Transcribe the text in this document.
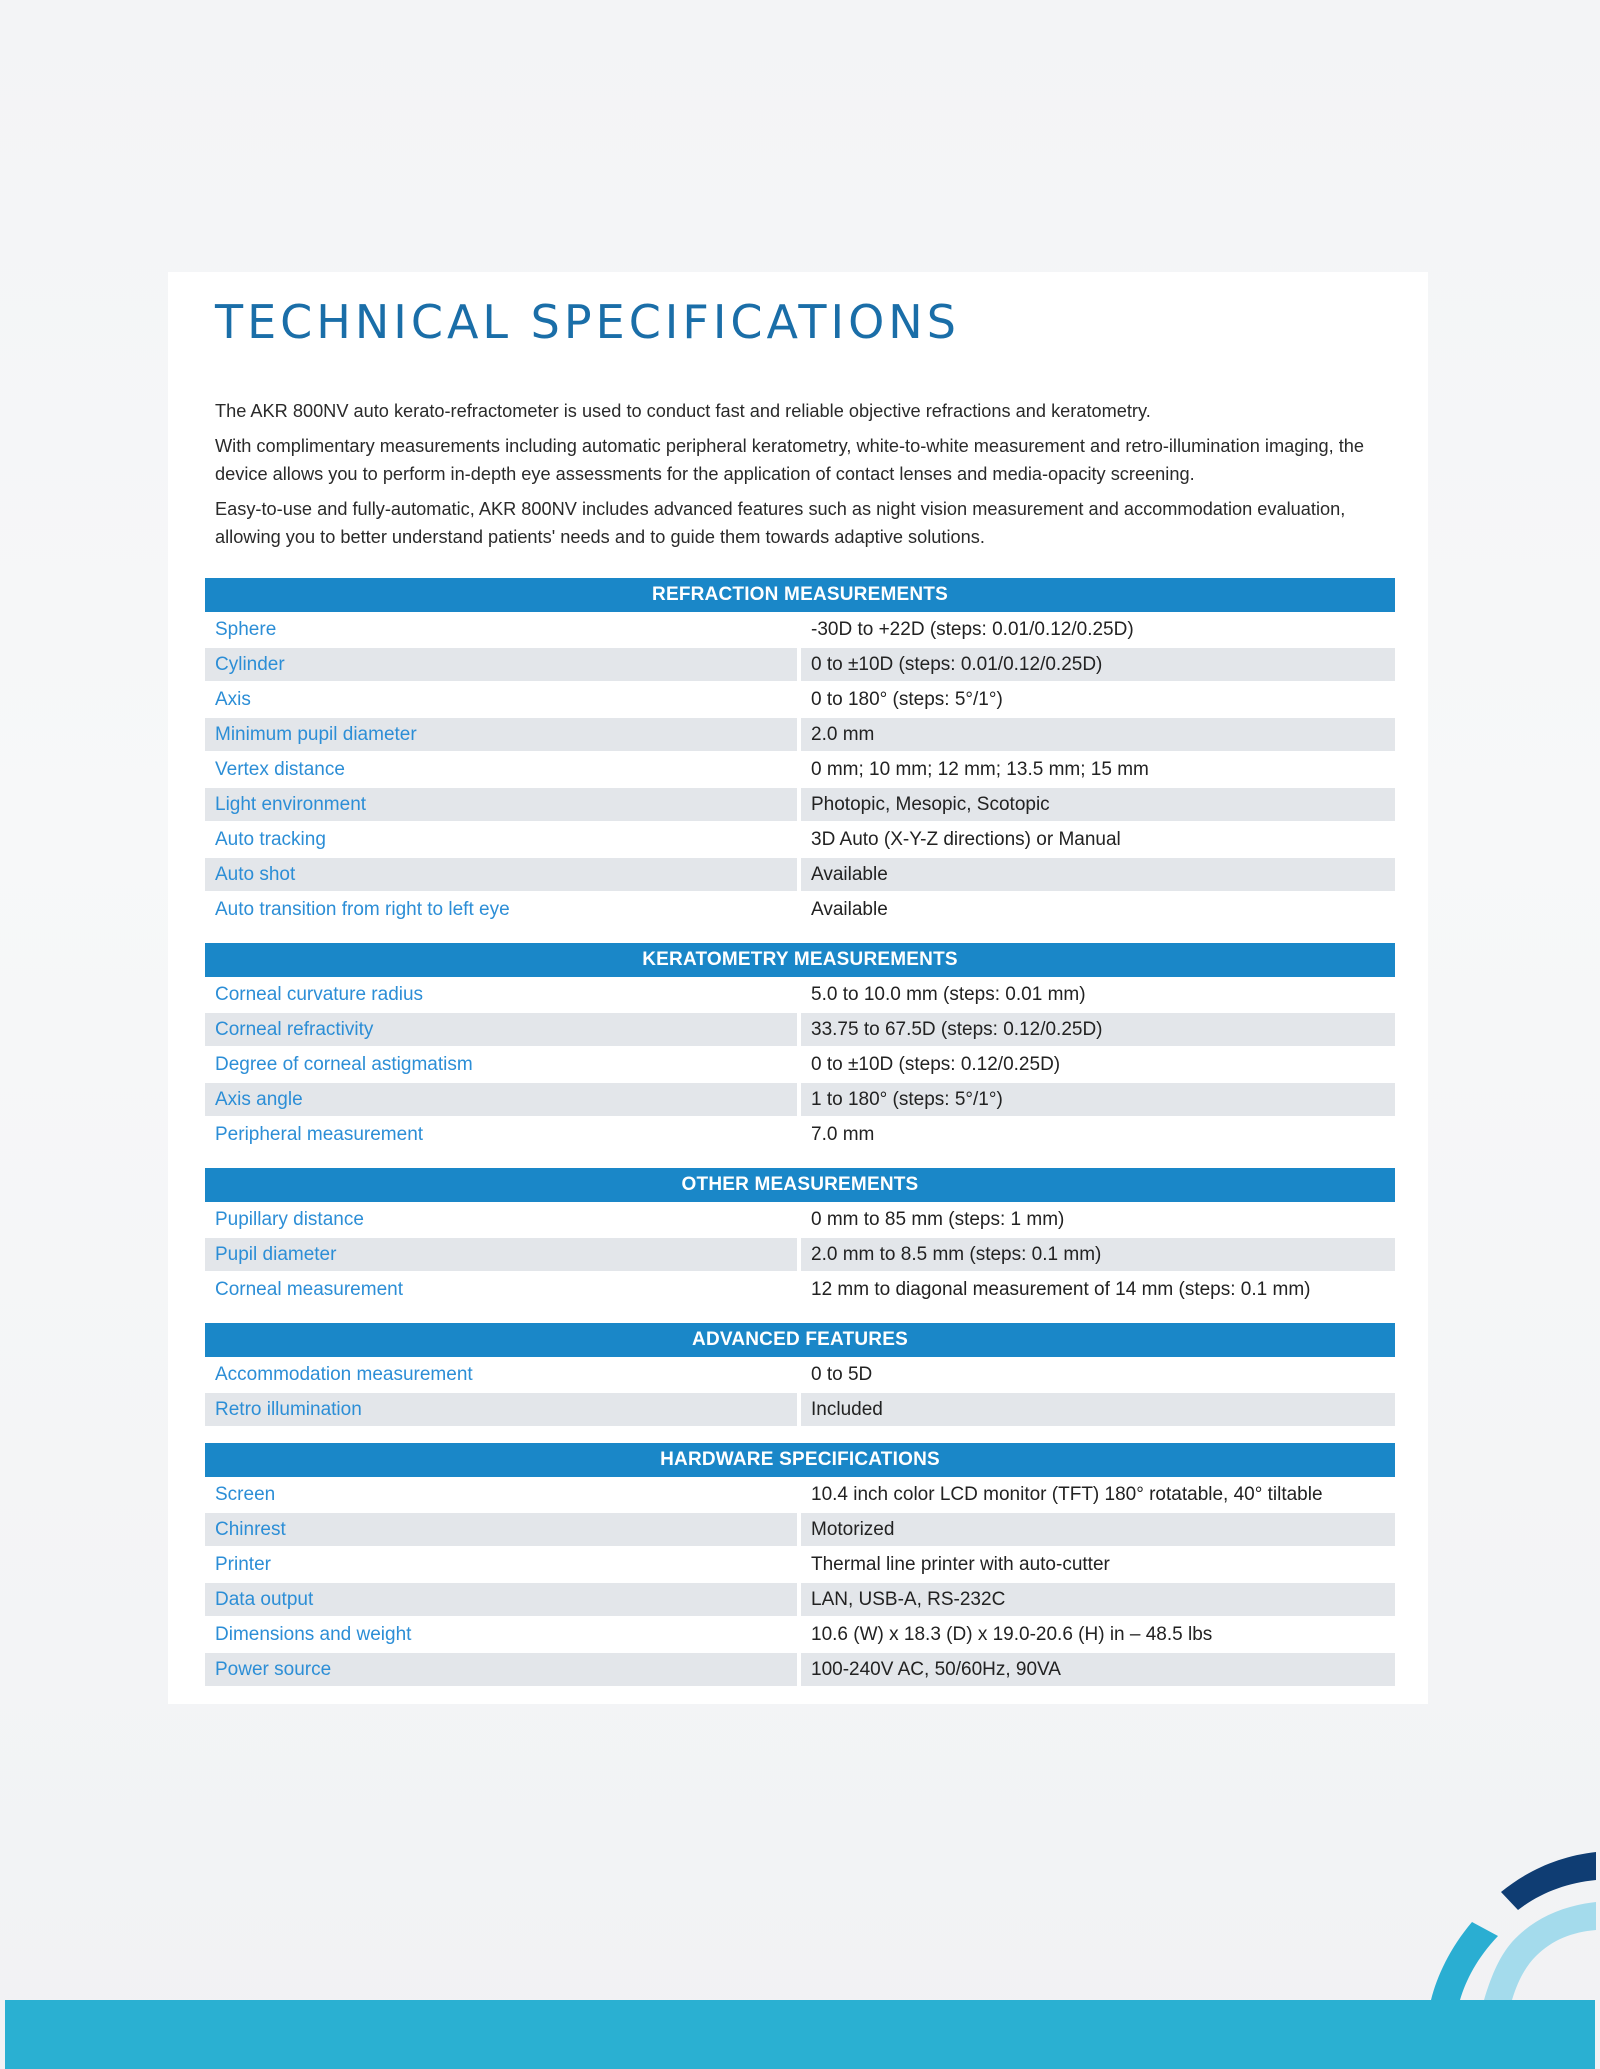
TECHNICAL SPECIFICATIONS

The AKR 800NV auto kerato-refractometer is used to conduct fast and reliable objective refractions and keratometry.

With complimentary measurements including automatic peripheral keratometry, white-to-white measurement and retro-illumination imaging, the device allows you to perform in-depth eye assessments for the application of contact lenses and media-opacity screening.

Easy-to-use and fully-automatic, AKR 800NV includes advanced features such as night vision measurement and accommodation evaluation, allowing you to better understand patients' needs and to guide them towards adaptive solutions.

REFRACTION MEASUREMENTS
Sphere	-30D to +22D (steps: 0.01/0.12/0.25D)
Cylinder	0 to ±10D (steps: 0.01/0.12/0.25D)
Axis	0 to 180° (steps: 5°/1°)
Minimum pupil diameter	2.0 mm
Vertex distance	0 mm; 10 mm; 12 mm; 13.5 mm; 15 mm
Light environment	Photopic, Mesopic, Scotopic
Auto tracking	3D Auto (X-Y-Z directions) or Manual
Auto shot	Available
Auto transition from right to left eye	Available
KERATOMETRY MEASUREMENTS
Corneal curvature radius	5.0 to 10.0 mm (steps: 0.01 mm)
Corneal refractivity	33.75 to 67.5D (steps: 0.12/0.25D)
Degree of corneal astigmatism	0 to ±10D (steps: 0.12/0.25D)
Axis angle	1 to 180° (steps: 5°/1°)
Peripheral measurement	7.0 mm
OTHER MEASUREMENTS
Pupillary distance	0 mm to 85 mm (steps: 1 mm)
Pupil diameter	2.0 mm to 8.5 mm (steps: 0.1 mm)
Corneal measurement	12 mm to diagonal measurement of 14 mm (steps: 0.1 mm)
ADVANCED FEATURES
Accommodation measurement	0 to 5D
Retro illumination	Included
HARDWARE SPECIFICATIONS
Screen	10.4 inch color LCD monitor (TFT) 180° rotatable, 40° tiltable
Chinrest	Motorized
Printer	Thermal line printer with auto-cutter
Data output	LAN, USB-A, RS-232C
Dimensions and weight	10.6 (W) x 18.3 (D) x 19.0-20.6 (H) in – 48.5 lbs
Power source	100-240V AC, 50/60Hz, 90VA
